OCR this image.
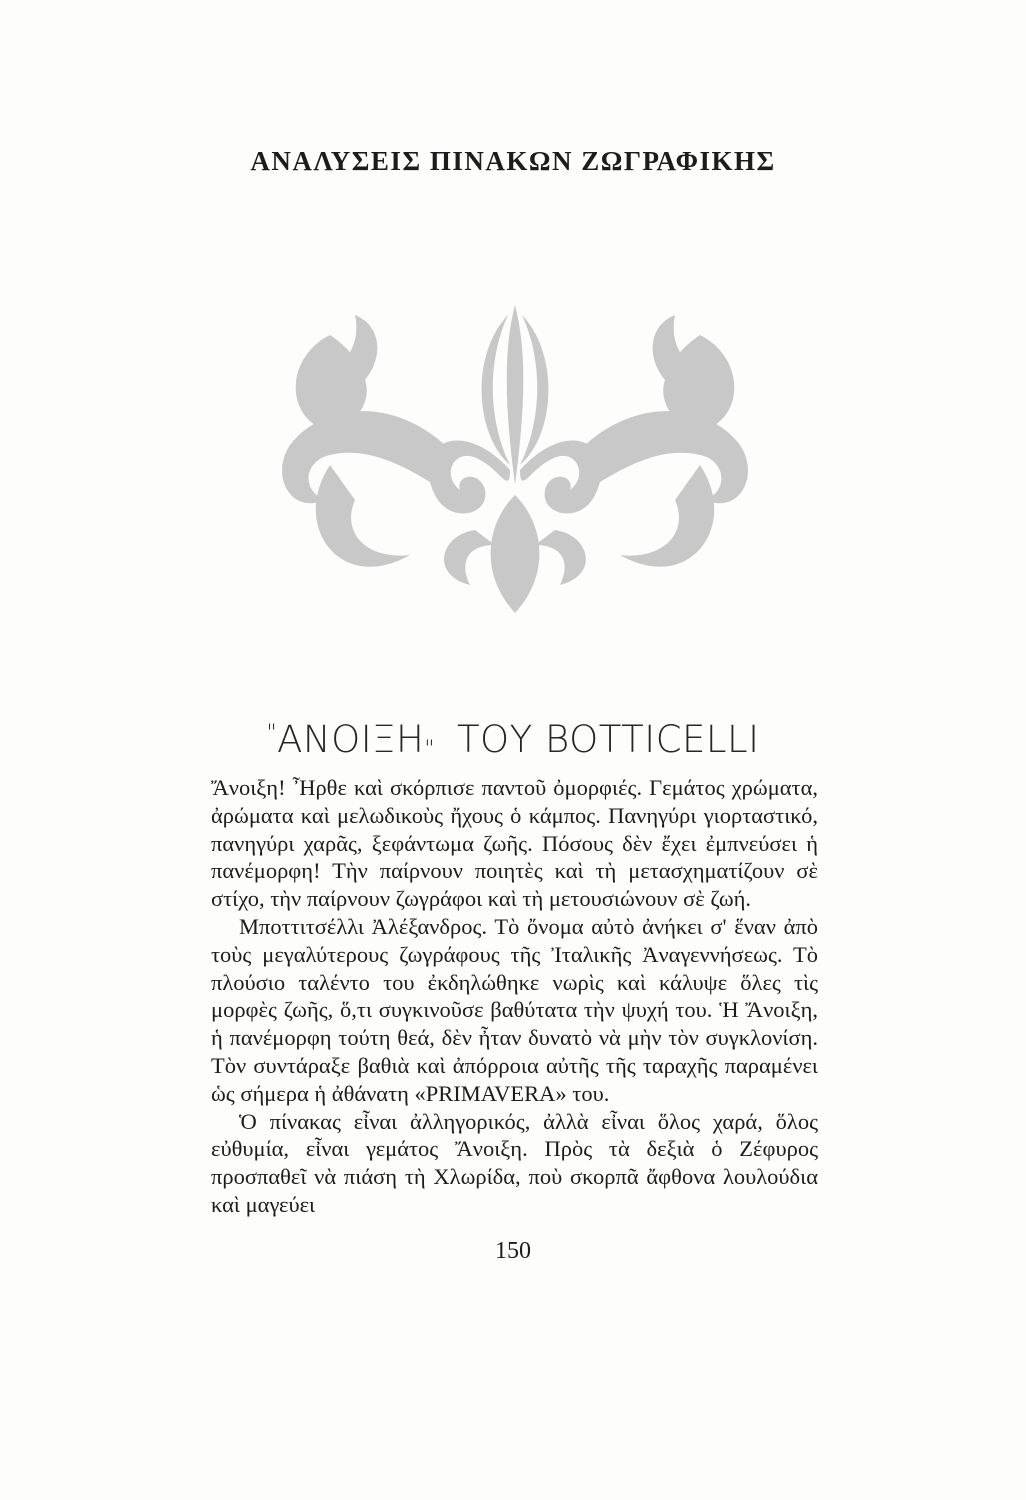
ΑΝΑΛΥΣΕΙΣ ΠΙΝΑΚΩΝ ΖΩΓΡΑΦΙΚΗΣ
"ΑΝΟΙΞΗ" ΤΟΥ BOTTICELLI

Ἄνοιξη! Ἦρθε καὶ σκόρπισε παντοῦ ὀμορφιές. Γεμάτος χρώματα, ἀρώματα καὶ μελωδικοὺς ἤχους ὁ κάμπος. Πανηγύρι γιορταστικό, πανηγύρι χαρᾶς, ξεφάντωμα ζωῆς. Πόσους δὲν ἔχει ἐμπνεύσει ἡ πανέμορφη! Τὴν παίρνουν ποιητὲς καὶ τὴ μετασχηματίζουν σὲ στίχο, τὴν παίρνουν ζωγράφοι καὶ τὴ μετουσιώνουν σὲ ζωή.

Μποττιτσέλλι Ἀλέξανδρος. Τὸ ὄνομα αὐτὸ ἀνήκει σ' ἕναν ἀπὸ τοὺς μεγαλύτερους ζωγράφους τῆς Ἰταλικῆς Ἀναγεννήσεως. Τὸ πλούσιο ταλέντο του ἐκδηλώθηκε νωρὶς καὶ κάλυψε ὅλες τὶς μορφὲς ζωῆς, ὅ,τι συγκινοῦσε βαθύτατα τὴν ψυχή του. Ἡ Ἄνοιξη, ἡ πανέμορφη τούτη θεά, δὲν ἦταν δυνατὸ νὰ μὴν τὸν συγκλονίση. Τὸν συντάραξε βαθιὰ καὶ ἀπόρροια αὐτῆς τῆς ταραχῆς παραμένει ὡς σήμερα ἡ ἀθάνατη «PRIMAVERA» του.

Ὁ πίνακας εἶναι ἀλληγορικός, ἀλλὰ εἶναι ὅλος χαρά, ὅλος εὐθυμία, εἶναι γεμάτος Ἄνοιξη. Πρὸς τὰ δεξιὰ ὁ Ζέφυρος προσπαθεῖ νὰ πιάση τὴ Χλωρίδα, ποὺ σκορπᾶ ἄφθονα λουλούδια καὶ μαγεύει

150
